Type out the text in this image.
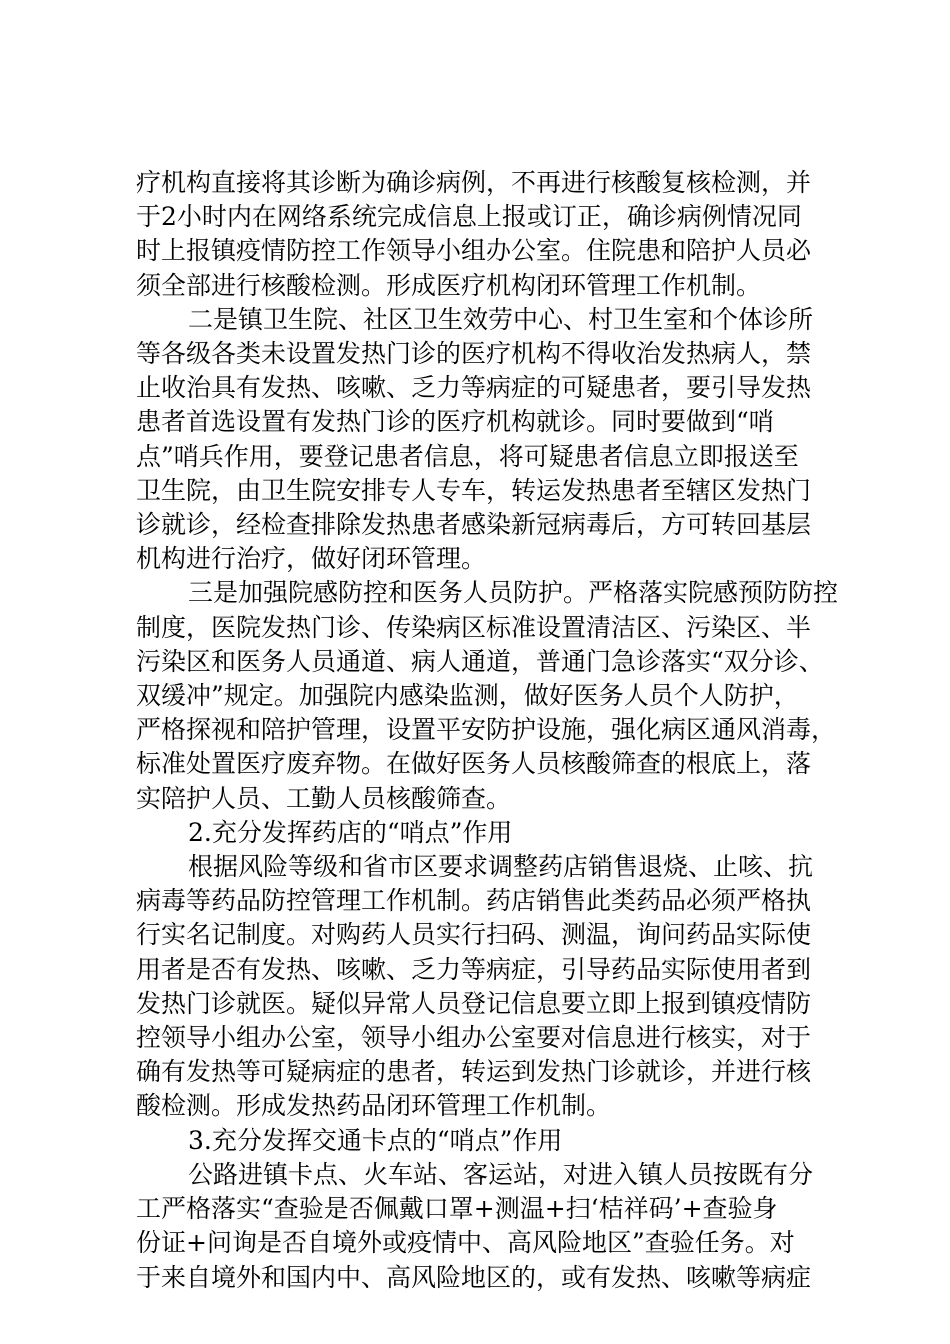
疗机构直接将其诊断为确诊病例，不再进行核酸复核检测，并
于2小时内在网络系统完成信息上报或订正，确诊病例情况同
时上报镇疫情防控工作领导小组办公室。住院患和陪护人员必
须全部进行核酸检测。形成医疗机构闭环管理工作机制。

二是镇卫生院、社区卫生效劳中心、村卫生室和个体诊所
等各级各类未设置发热门诊的医疗机构不得收治发热病人，禁
止收治具有发热、咳嗽、乏力等病症的可疑患者，要引导发热
患者首选设置有发热门诊的医疗机构就诊。同时要做到“哨
点”哨兵作用，要登记患者信息，将可疑患者信息立即报送至
卫生院，由卫生院安排专人专车，转运发热患者至辖区发热门
诊就诊，经检查排除发热患者感染新冠病毒后，方可转回基层
机构进行治疗，做好闭环管理。

三是加强院感防控和医务人员防护。严格落实院感预防防控
制度，医院发热门诊、传染病区标准设置清洁区、污染区、半
污染区和医务人员通道、病人通道，普通门急诊落实“双分诊、
双缓冲”规定。加强院内感染监测，做好医务人员个人防护，
严格探视和陪护管理，设置平安防护设施，强化病区通风消毒，
标准处置医疗废弃物。在做好医务人员核酸筛查的根底上，落
实陪护人员、工勤人员核酸筛查。

2.充分发挥药店的“哨点”作用

根据风险等级和省市区要求调整药店销售退烧、止咳、抗
病毒等药品防控管理工作机制。药店销售此类药品必须严格执
行实名记制度。对购药人员实行扫码、测温，询问药品实际使
用者是否有发热、咳嗽、乏力等病症，引导药品实际使用者到
发热门诊就医。疑似异常人员登记信息要立即上报到镇疫情防
控领导小组办公室，领导小组办公室要对信息进行核实，对于
确有发热等可疑病症的患者，转运到发热门诊就诊，并进行核
酸检测。形成发热药品闭环管理工作机制。

3.充分发挥交通卡点的“哨点”作用

公路进镇卡点、火车站、客运站，对进入镇人员按既有分
工严格落实“查验是否佩戴口罩+测温+扫‘桔祥码’+查验身
份证+问询是否自境外或疫情中、高风险地区”查验任务。对
于来自境外和国内中、高风险地区的，或有发热、咳嗽等病症
